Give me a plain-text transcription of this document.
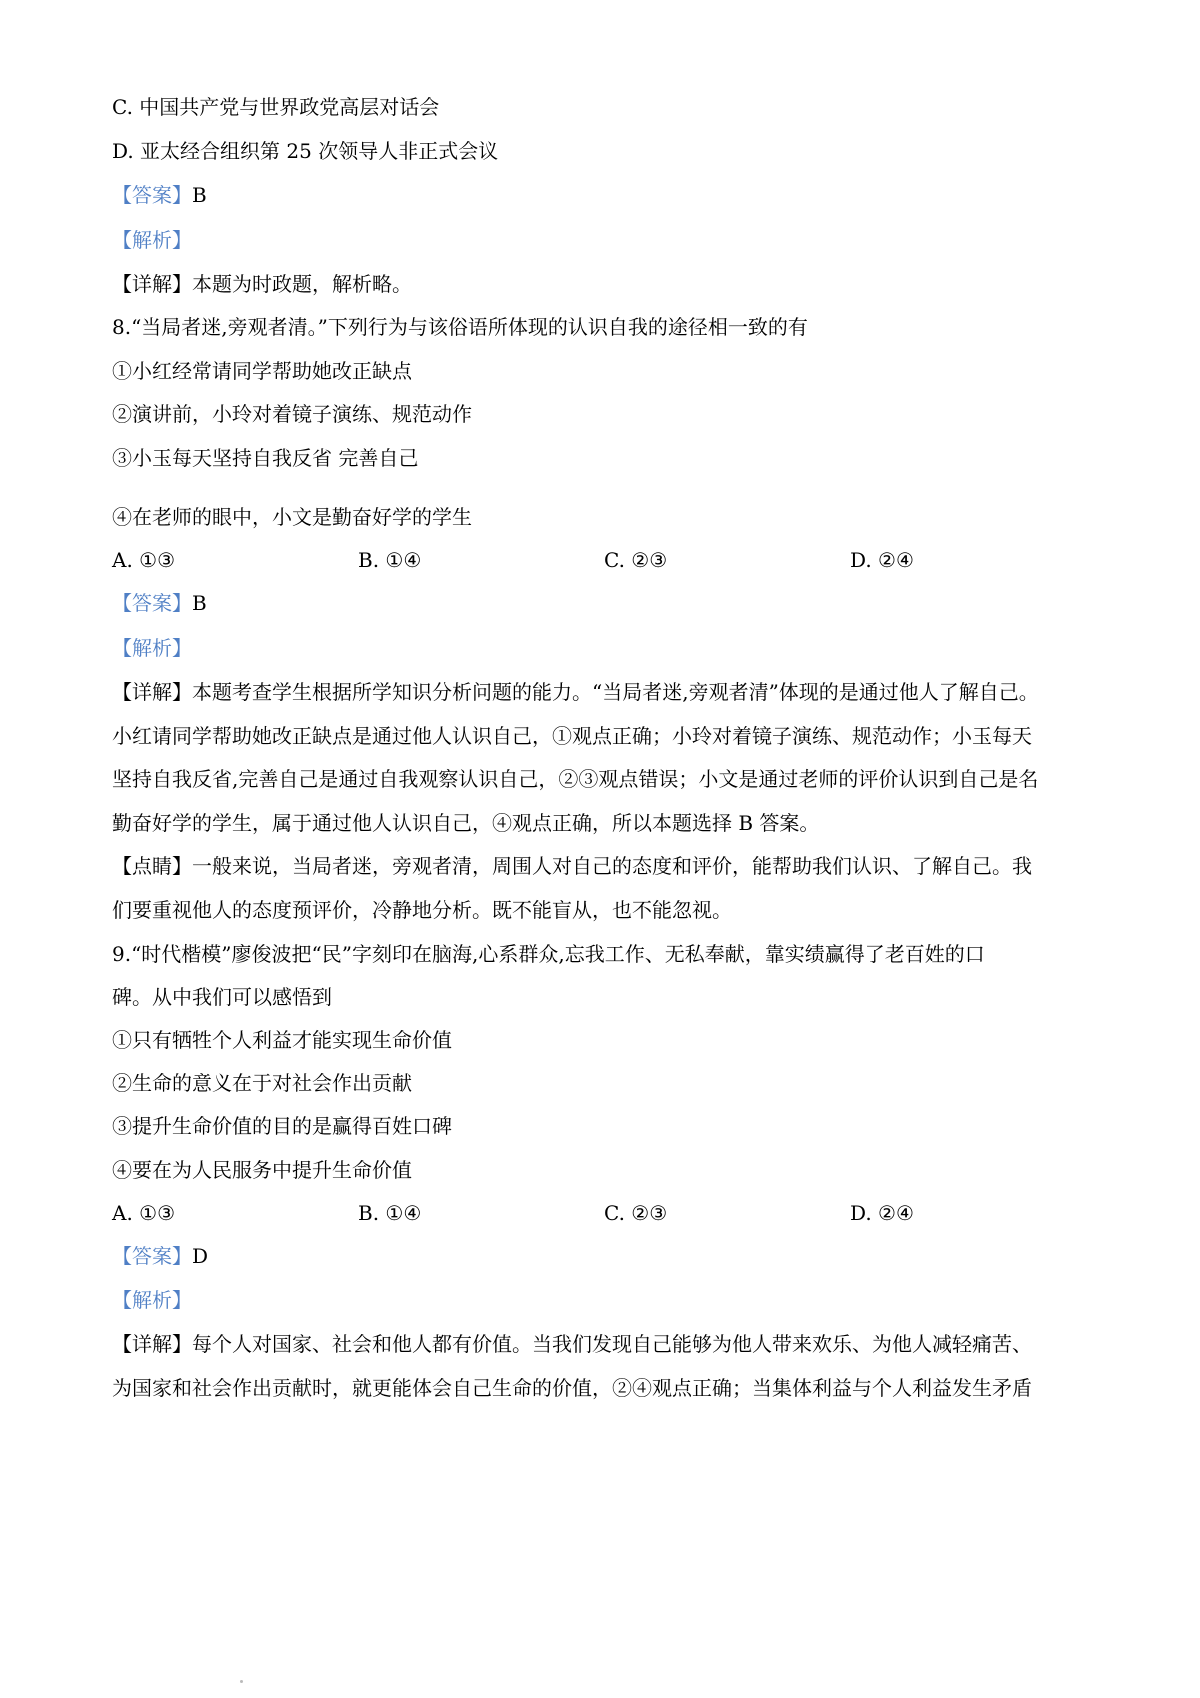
C. 中国共产党与世界政党高层对话会
D. 亚太经合组织第 25 次领导人非正式会议
【答案】B
【解析】
【详解】本题为时政题，解析略。
8.“当局者迷,旁观者清。”下列行为与该俗语所体现的认识自我的途径相一致的有
①小红经常请同学帮助她改正缺点
②演讲前，小玲对着镜子演练、规范动作
③小玉每天坚持自我反省 完善自己
④在老师的眼中，小文是勤奋好学的学生
A. ①③	B. ①④	C. ②③	D. ②④
【答案】B
【解析】
【详解】本题考查学生根据所学知识分析问题的能力。“当局者迷,旁观者清”体现的是通过他人了解自己。
小红请同学帮助她改正缺点是通过他人认识自己，①观点正确；小玲对着镜子演练、规范动作；小玉每天
坚持自我反省,完善自己是通过自我观察认识自己，②③观点错误；小文是通过老师的评价认识到自己是名
勤奋好学的学生，属于通过他人认识自己，④观点正确，所以本题选择 B 答案。
【点睛】一般来说，当局者迷，旁观者清，周围人对自己的态度和评价，能帮助我们认识、了解自己。我
们要重视他人的态度预评价，冷静地分析。既不能盲从，也不能忽视。
9.“时代楷模”廖俊波把“民”字刻印在脑海,心系群众,忘我工作、无私奉献，靠实绩赢得了老百姓的口
碑。从中我们可以感悟到
①只有牺牲个人利益才能实现生命价值
②生命的意义在于对社会作出贡献
③提升生命价值的目的是赢得百姓口碑
④要在为人民服务中提升生命价值
A. ①③	B. ①④	C. ②③	D. ②④
【答案】D
【解析】
【详解】每个人对国家、社会和他人都有价值。当我们发现自己能够为他人带来欢乐、为他人减轻痛苦、
为国家和社会作出贡献时，就更能体会自己生命的价值，②④观点正确；当集体利益与个人利益发生矛盾
